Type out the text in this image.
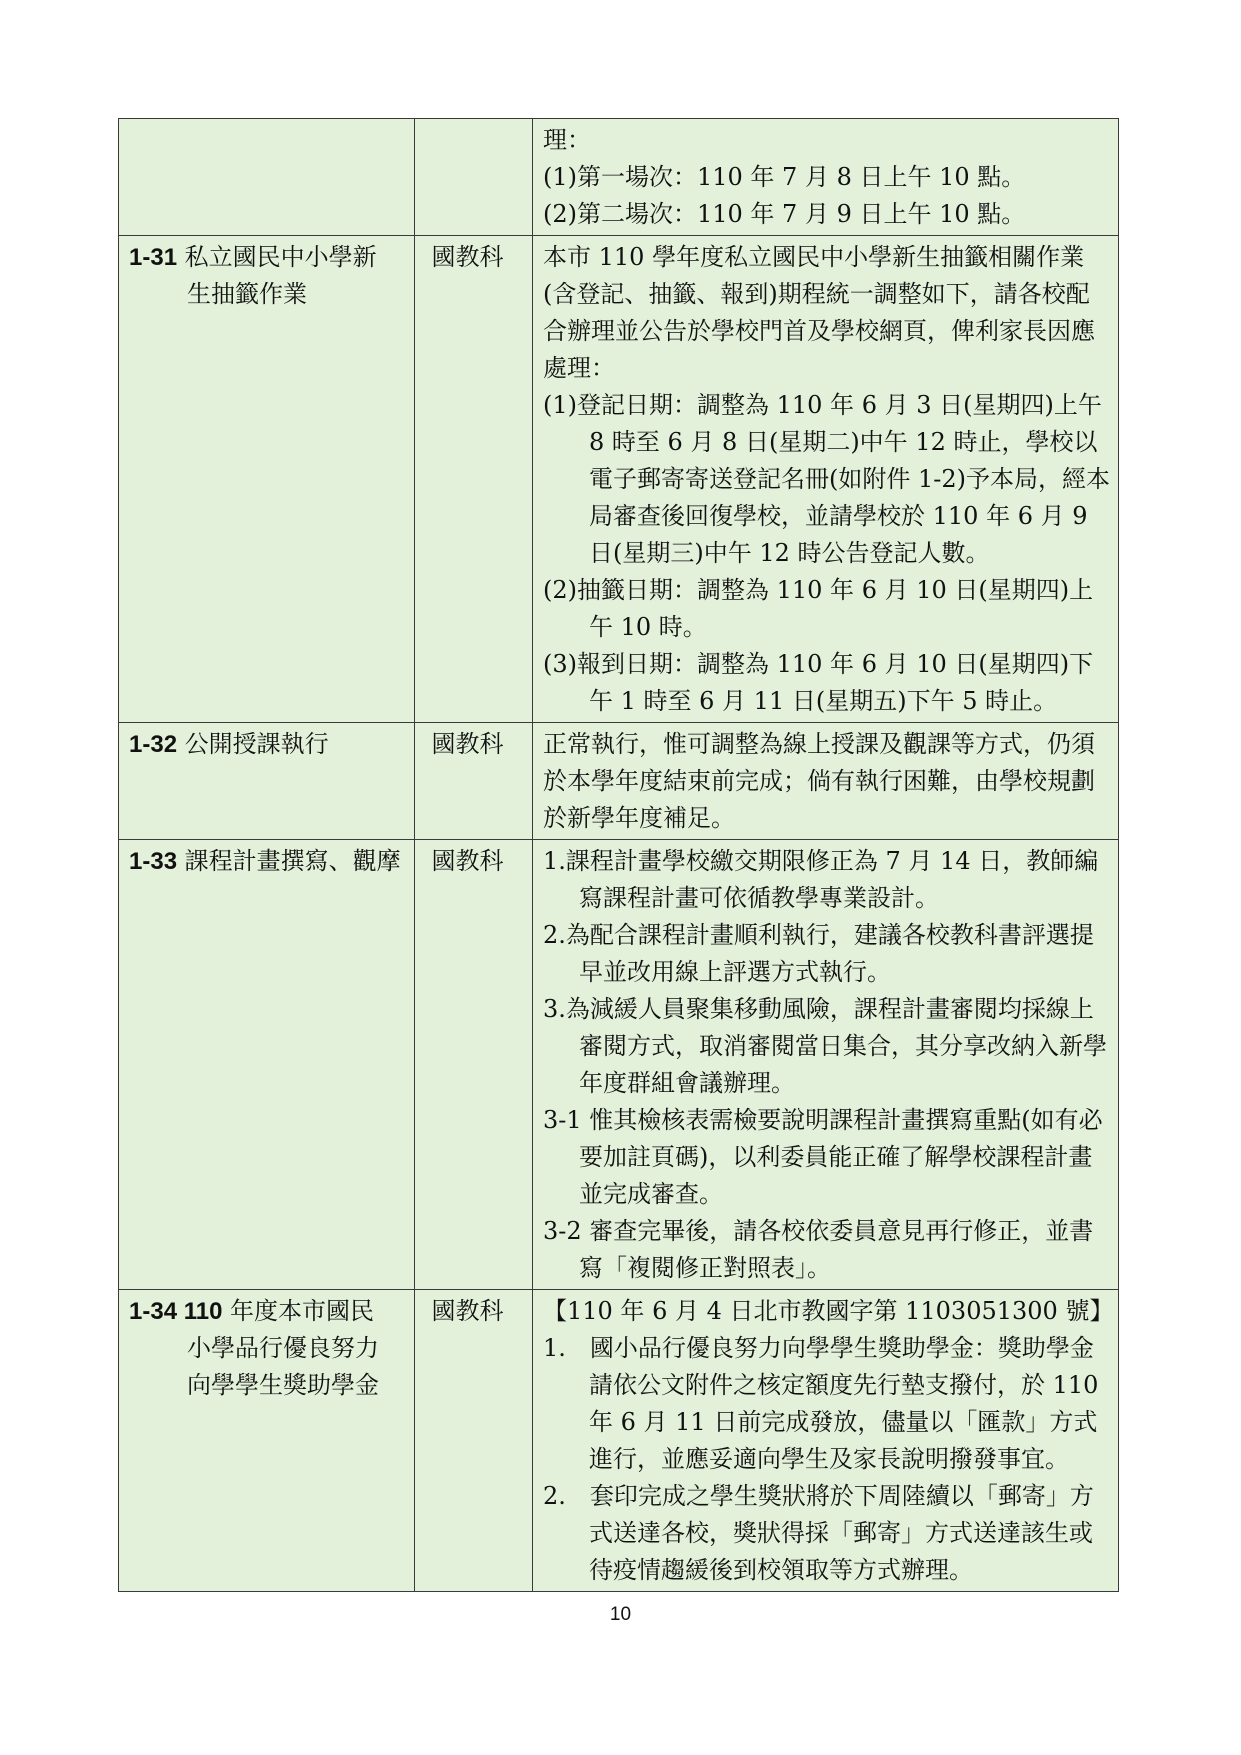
		理：
(1)第一場次：110 年 7 月 8 日上午 10 點。
(2)第二場次：110 年 7 月 9 日上午 10 點。

1-31 私立國民中小學新
生抽籤作業	國教科	本市 110 學年度私立國民中小學新生抽籤相關作業(含登記、抽籤、報到)期程統一調整如下，請各校配合辦理並公告於學校門首及學校網頁，俾利家長因應處理：
(1)登記日期：調整為 110 年 6 月 3 日(星期四)上午 8 時至 6 月 8 日(星期二)中午 12 時止，學校以電子郵寄寄送登記名冊(如附件 1-2)予本局，經本局審查後回復學校，並請學校於 110 年 6 月 9 日(星期三)中午 12 時公告登記人數。
(2)抽籤日期：調整為 110 年 6 月 10 日(星期四)上午 10 時。
(3)報到日期：調整為 110 年 6 月 10 日(星期四)下午 1 時至 6 月 11 日(星期五)下午 5 時止。

1-32 公開授課執行	國教科	正常執行，惟可調整為線上授課及觀課等方式，仍須於本學年度結束前完成；倘有執行困難，由學校規劃於新學年度補足。

1-33 課程計畫撰寫、觀摩	國教科	1.課程計畫學校繳交期限修正為 7 月 14 日，教師編寫課程計畫可依循教學專業設計。
2.為配合課程計畫順利執行，建議各校教科書評選提早並改用線上評選方式執行。
3.為減緩人員聚集移動風險，課程計畫審閱均採線上審閱方式，取消審閱當日集合，其分享改納入新學年度群組會議辦理。
3-1 惟其檢核表需檢要說明課程計畫撰寫重點(如有必要加註頁碼)，以利委員能正確了解學校課程計畫並完成審查。
3-2 審查完畢後，請各校依委員意見再行修正，並書寫「複閱修正對照表」。

1-34 110 年度本市國民
小學品行優良努力
向學學生獎助學金	國教科	【110 年 6 月 4 日北市教國字第 1103051300 號】
1.　國小品行優良努力向學學生獎助學金：獎助學金請依公文附件之核定額度先行墊支撥付，於 110 年 6 月 11 日前完成發放，儘量以「匯款」方式進行，並應妥適向學生及家長說明撥發事宜。
2.　套印完成之學生獎狀將於下周陸續以「郵寄」方式送達各校，獎狀得採「郵寄」方式送達該生或待疫情趨緩後到校領取等方式辦理。
10
